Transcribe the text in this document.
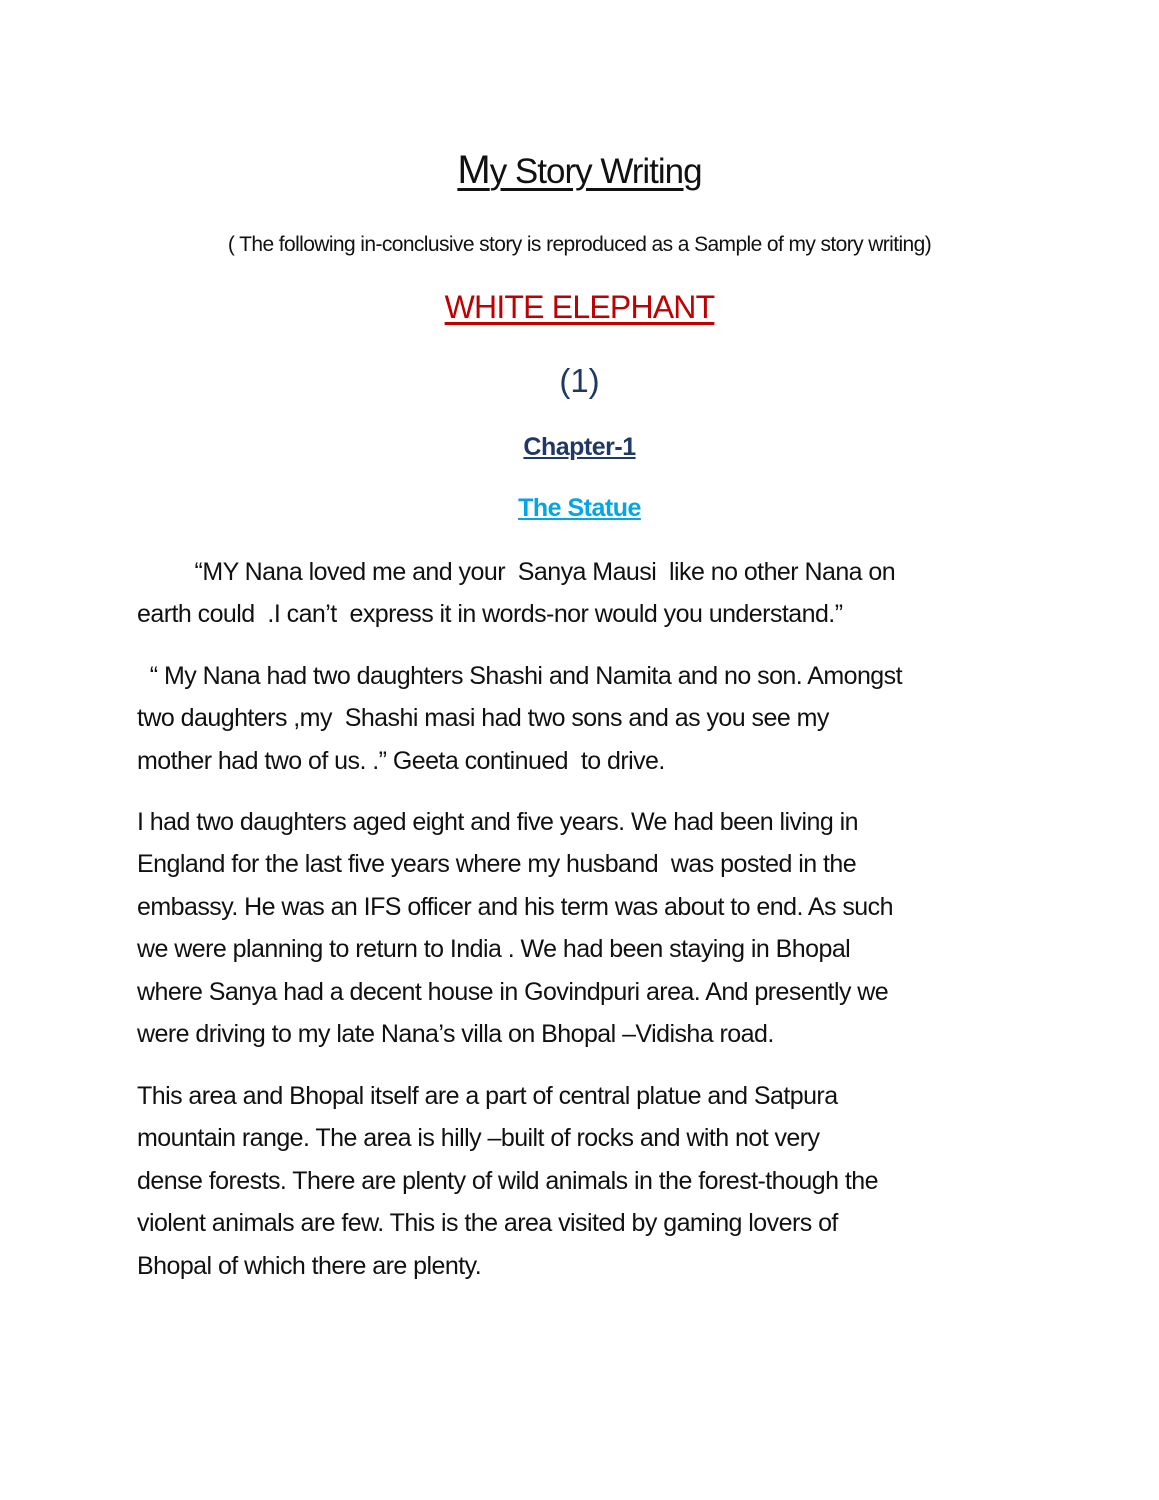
My Story Writing
( The following in-conclusive story is reproduced as a Sample of my story writing)
WHITE ELEPHANT
(1)
Chapter-1
The Statue
“MY Nana loved me and your  Sanya Mausi  like no other Nana on
earth could  .I can’t  express it in words-nor would you understand.”
“ My Nana had two daughters Shashi and Namita and no son. Amongst
two daughters ,my  Shashi masi had two sons and as you see my
mother had two of us. .” Geeta continued  to drive.
I had two daughters aged eight and five years. We had been living in
England for the last five years where my husband  was posted in the
embassy. He was an IFS officer and his term was about to end. As such
we were planning to return to India . We had been staying in Bhopal
where Sanya had a decent house in Govindpuri area. And presently we
were driving to my late Nana’s villa on Bhopal –Vidisha road.
This area and Bhopal itself are a part of central platue and Satpura
mountain range. The area is hilly –built of rocks and with not very
dense forests. There are plenty of wild animals in the forest-though the
violent animals are few. This is the area visited by gaming lovers of
Bhopal of which there are plenty.
